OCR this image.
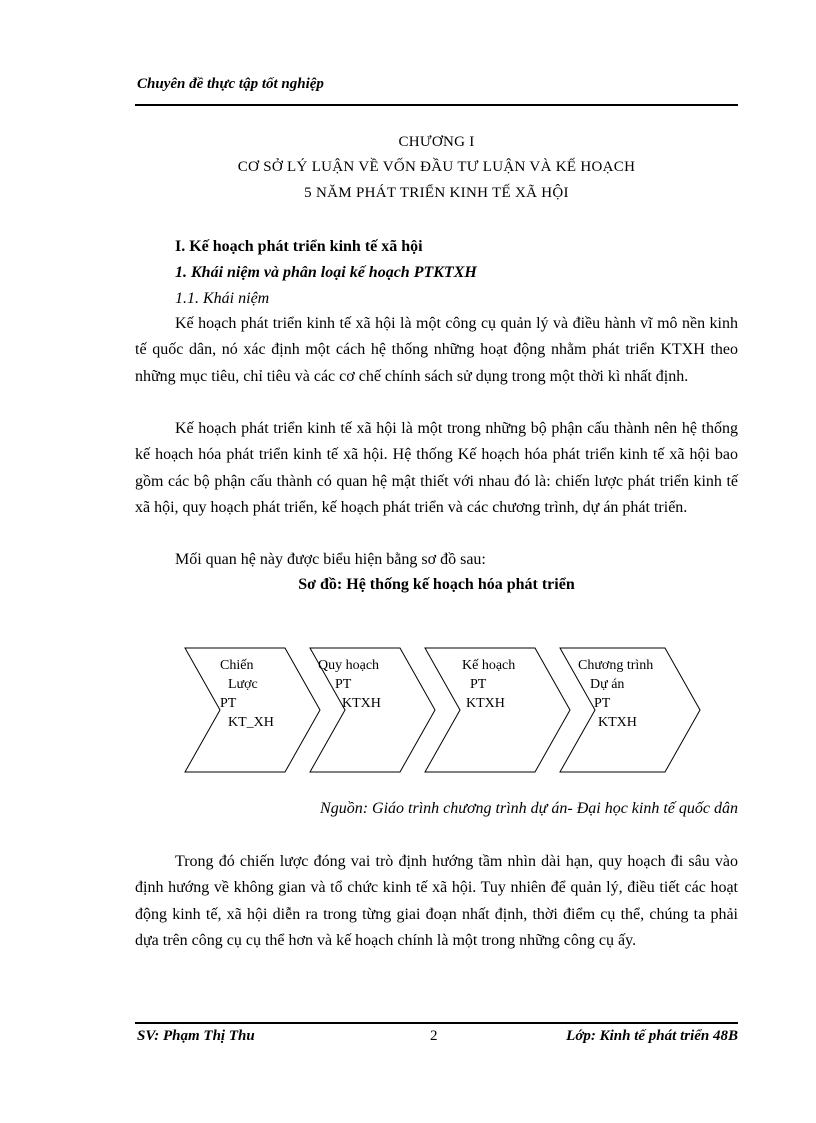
Chuyên đề thực tập tốt nghiệp
CHƯƠNG I
CƠ SỞ LÝ LUẬN VỀ VỐN ĐẦU TƯ LUẬN VÀ KẾ HOẠCH
5 NĂM PHÁT TRIỂN KINH TẾ XÃ HỘI
I. Kế hoạch phát triển kinh tế xã hội
1. Khái niệm và phân loại kế hoạch PTKTXH
1.1. Khái niệm
Kế hoạch phát triển kinh tế xã hội là một công cụ quản lý và điều hành vĩ mô nền kinh tế quốc dân, nó xác định một cách hệ thống những hoạt động nhằm phát triển KTXH theo những mục tiêu, chỉ tiêu và các cơ chế chính sách sử dụng trong một thời kì nhất định.
Kế hoạch phát triển kinh tế xã hội là một trong những bộ phận cấu thành nên hệ thống kế hoạch hóa phát triển kinh tế xã hội. Hệ thống Kế hoạch hóa phát triển kinh tế xã hội bao gồm các bộ phận cấu thành có quan hệ mật thiết với nhau đó là: chiến lược phát triển kinh tế xã hội, quy hoạch phát triển, kế hoạch phát triển và các chương trình, dự án phát triển.
Mối quan hệ này được biểu hiện bằng sơ đồ sau:
Sơ đồ: Hệ thống kế hoạch hóa phát triển
Chiến
Lược
PT
KT_XH
Quy hoạch
PT
KTXH
Kế hoạch
PT
KTXH
Chương trình
Dự án
PT
KTXH
Nguồn: Giáo trình chương trình dự án- Đại học kinh tế quốc dân
Trong đó chiến lược đóng vai trò định hướng tầm nhìn dài hạn, quy hoạch đi sâu vào định hướng về không gian và tổ chức kinh tế xã hội. Tuy nhiên để quản lý, điều tiết các hoạt động kinh tế, xã hội diễn ra trong từng giai đoạn nhất định, thời điểm cụ thể, chúng ta phải dựa trên công cụ cụ thể hơn và kế hoạch chính là một trong những công cụ ấy.
SV: Phạm Thị Thu	2	Lớp: Kinh tế phát triển 48B
